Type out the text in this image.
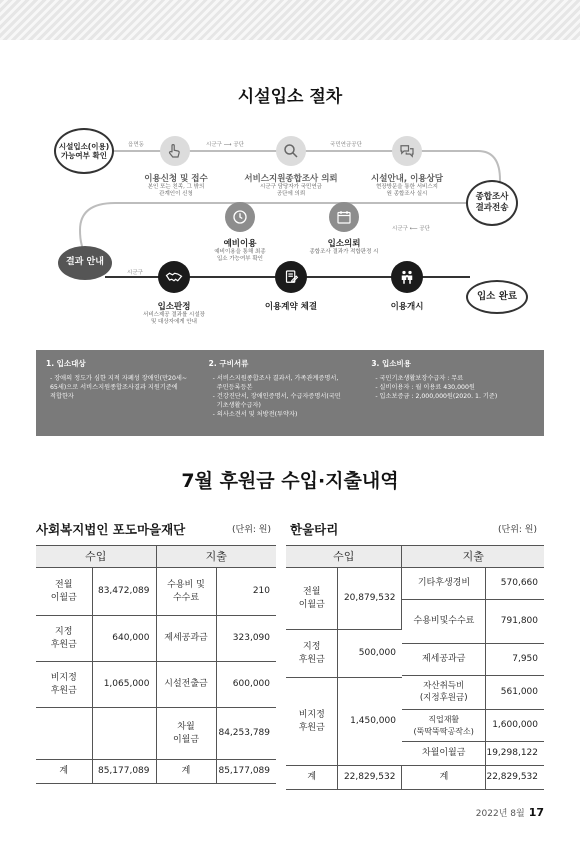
시설입소 절차
시설입소(이용)
가능여부 확인
종합조사
결과전송
결과 안내
입소 완료
읍면동	시군구 ⟶ 공단	국민연금공단
시군구 ⟵ 공단
시군구
이용신청 및 접수
본인 또는 친족, 그 밖의
관계인이 신청
서비스지원종합조사 의뢰
시군구 담당자가 국민연금
공단에 의뢰
시설안내, 이용상담
현장방문을 통한 서비스지
원 종합조사 실시
예비이용
예비이용을 통해 최종
입소 가능여부 확인
입소의뢰
종합조사 결과가 적합판정 시
입소판정
서비스제공 결과를 시설장
및 대상자에게 안내
이용계약 체결	이용개시
1. 입소대상

- 장애의 정도가 심한 지적 자폐성 장애인(만20세~

65세)으로 서비스지원종합조사결과 지원기준에

적합한자

2. 구비서류

- 서비스지원종합조사 결과서, 가족관계증명서,

주민등록등본

- 건강진단서, 장애인증명서, 수급자증명서(국민

기초생활수급자)

- 의사소견서 및 처방전(투약자)

3. 입소비용

- 국민기초생활보장수급자 : 무료

- 실비이용자 : 월 이용료 430,000원

- 입소보증금 : 2,000,000원(2020. 1. 기준)

7월 후원금 수입·지출내역
사회복지법인 포도마을재단	(단위: 원) 한울타리	(단위: 원)
수입		지출	
전월
이월금	83,472,089	수용비 및
수수료	210
지정
후원금	640,000	제세공과금	323,090
비지정
후원금	1,065,000	시설전출금	600,000
		차월
이월금	84,253,789
계	85,177,089	계	85,177,089
수입		지출	
전월
이월금	20,879,532	기타후생경비	570,660
		수용비및수수료	791,800
지정
후원금	500,000		
		제세공과금	7,950
		자산취득비
(지정후원금)	561,000
비지정
후원금	1,450,000		
		직업재활
(뚝딱뚝딱공작소)	1,600,000
		차월이월금	19,298,122
계	22,829,532	계	22,829,532
2022년 8월 17
